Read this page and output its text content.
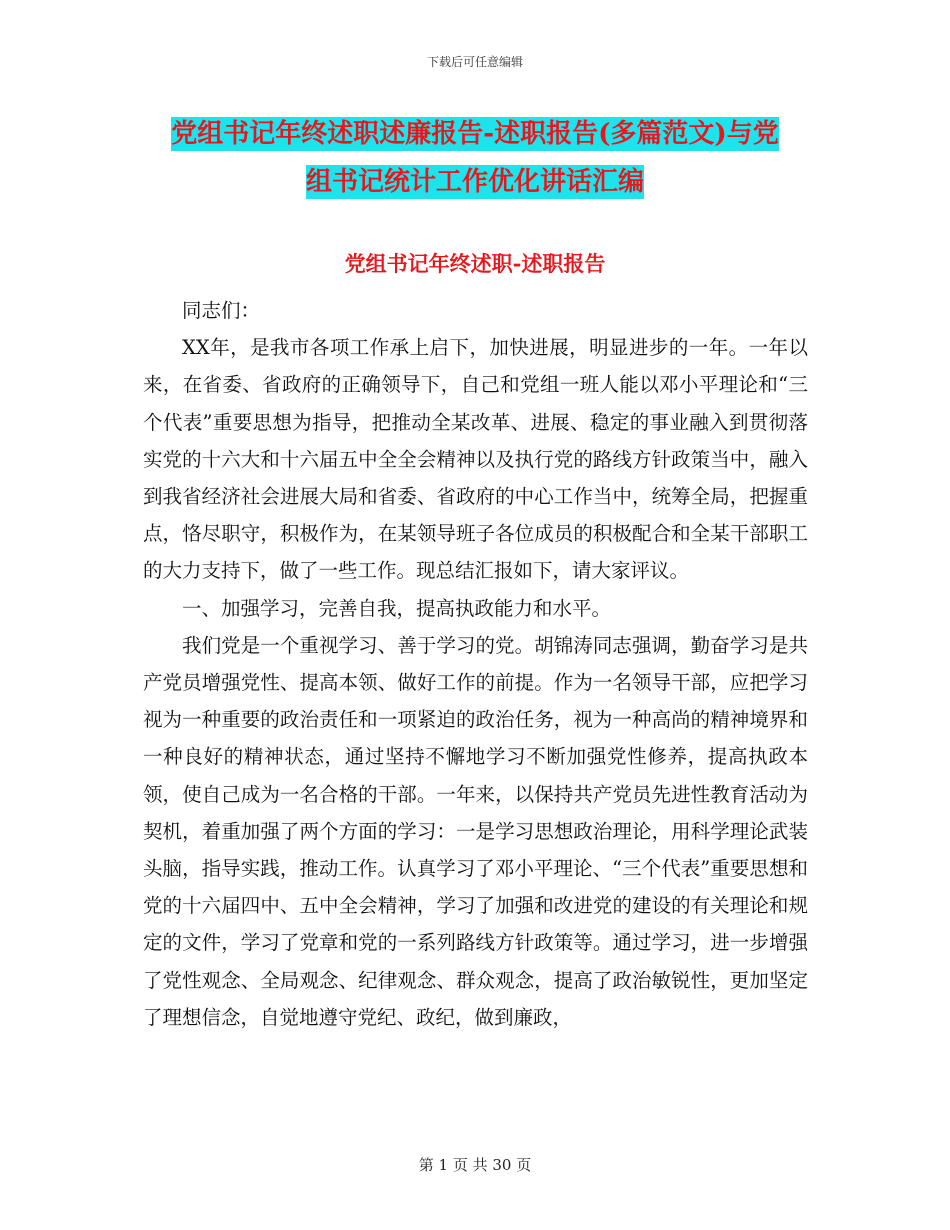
下载后可任意编辑
党组书记年终述职述廉报告-述职报告(多篇范文)与党
组书记统计工作优化讲话汇编
党组书记年终述职-述职报告

同志们：

XX年，是我市各项工作承上启下，加快进展，明显进步的一年。一年以来，在省委、省政府的正确领导下，自己和党组一班人能以邓小平理论和“三个代表”重要思想为指导，把推动全某改革、进展、稳定的事业融入到贯彻落实党的十六大和十六届五中全全会精神以及执行党的路线方针政策当中，融入到我省经济社会进展大局和省委、省政府的中心工作当中，统筹全局，把握重点，恪尽职守，积极作为，在某领导班子各位成员的积极配合和全某干部职工的大力支持下，做了一些工作。现总结汇报如下，请大家评议。

一、加强学习，完善自我，提高执政能力和水平。

我们党是一个重视学习、善于学习的党。胡锦涛同志强调，勤奋学习是共产党员增强党性、提高本领、做好工作的前提。作为一名领导干部，应把学习视为一种重要的政治责任和一项紧迫的政治任务，视为一种高尚的精神境界和一种良好的精神状态，通过坚持不懈地学习不断加强党性修养，提高执政本领，使自己成为一名合格的干部。一年来，以保持共产党员先进性教育活动为契机，着重加强了两个方面的学习：一是学习思想政治理论，用科学理论武装头脑，指导实践，推动工作。认真学习了邓小平理论、“三个代表”重要思想和党的十六届四中、五中全会精神，学习了加强和改进党的建设的有关理论和规定的文件，学习了党章和党的一系列路线方针政策等。通过学习，进一步增强了党性观念、全局观念、纪律观念、群众观念，提高了政治敏锐性，更加坚定了理想信念，自觉地遵守党纪、政纪，做到廉政，

第 1 页 共 30 页
